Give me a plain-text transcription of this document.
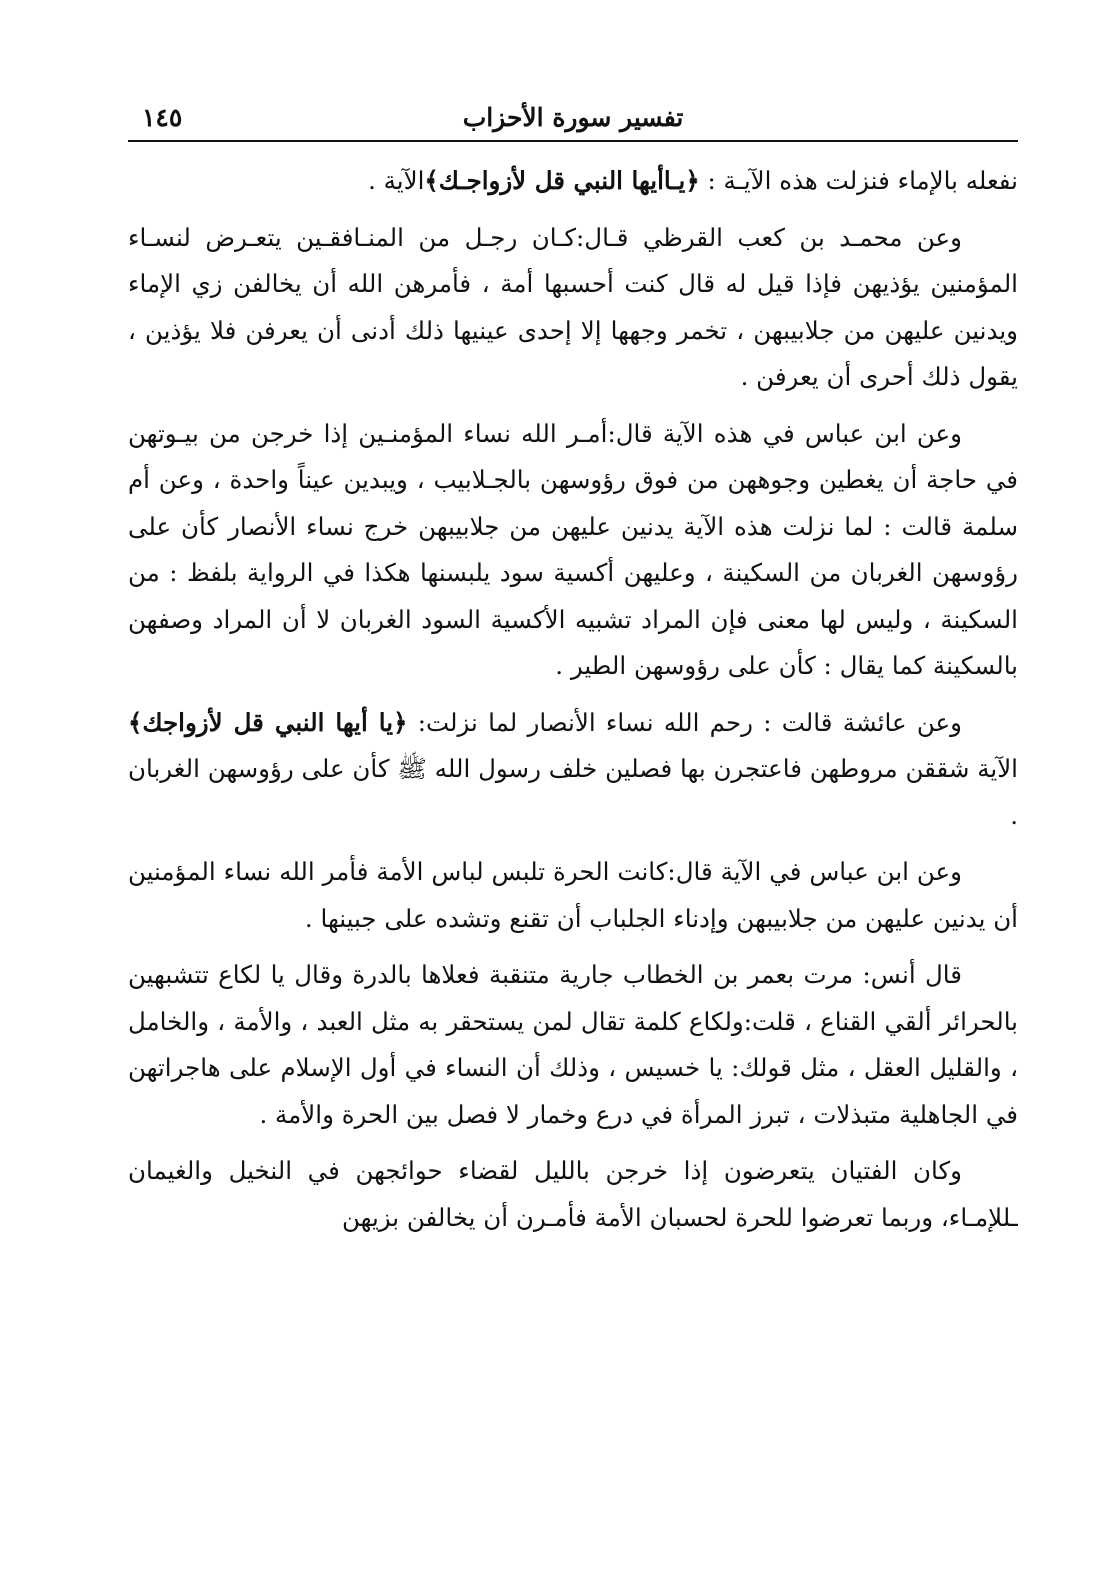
تفسير سورة الأحزاب
١٤٥

نفعله بالإماء فنزلت هذه الآيـة : ﴿يـاأيها النبي قل لأزواجـك﴾الآية .

وعن محمـد بن كعب القرظي قـال:كـان رجـل من المنـافقـين يتعـرض لنسـاء المؤمنين يؤذيهن فإذا قيل له قال كنت أحسبها أمة ، فأمرهن الله أن يخالفن زي الإماء ويدنين عليهن من جلابيبهن ، تخمر وجهها إلا إحدى عينيها ذلك أدنى أن يعرفن فلا يؤذين ، يقول ذلك أحرى أن يعرفن .

وعن ابن عباس في هذه الآية قال:أمـر الله نساء المؤمنـين إذا خرجن من بيـوتهن في حاجة أن يغطين وجوههن من فوق رؤوسهن بالجـلابيب ، ويبدين عيناً واحدة ، وعن أم سلمة قالت : لما نزلت هذه الآية يدنين عليهن من جلابيبهن خرج نساء الأنصار كأن على رؤوسهن الغربان من السكينة ، وعليهن أكسية سود يلبسنها هكذا في الرواية بلفظ : من السكينة ، وليس لها معنى فإن المراد تشبيه الأكسية السود الغربان لا أن المراد وصفهن بالسكينة كما يقال : كأن على رؤوسهن الطير .

وعن عائشة قالت : رحم الله نساء الأنصار لما نزلت: ﴿يا أيها النبي قل لأزواجك﴾الآية شققن مروطهن فاعتجرن بها فصلين خلف رسول الله ﷺ كأن على رؤوسهن الغربان .

وعن ابن عباس في الآية قال:كانت الحرة تلبس لباس الأمة فأمر الله نساء المؤمنين أن يدنين عليهن من جلابيبهن وإدناء الجلباب أن تقنع وتشده على جبينها .

قال أنس: مرت بعمر بن الخطاب جارية متنقبة فعلاها بالدرة وقال يا لكاع تتشبهين بالحرائر ألقي القناع ، قلت:ولكاع كلمة تقال لمن يستحقر به مثل العبد ، والأمة ، والخامل ، والقليل العقل ، مثل قولك: يا خسيس ، وذلك أن النساء في أول الإسلام على هاجراتهن في الجاهلية متبذلات ، تبرز المرأة في درع وخمار لا فصل بين الحرة والأمة .

وكان الفتيان يتعرضون إذا خرجن بالليل لقضاء حوائجهن في النخيل والغيمان ـللإمـاء، وربما تعرضوا للحرة لحسبان الأمة فأمـرن أن يخالفن بزيهن
